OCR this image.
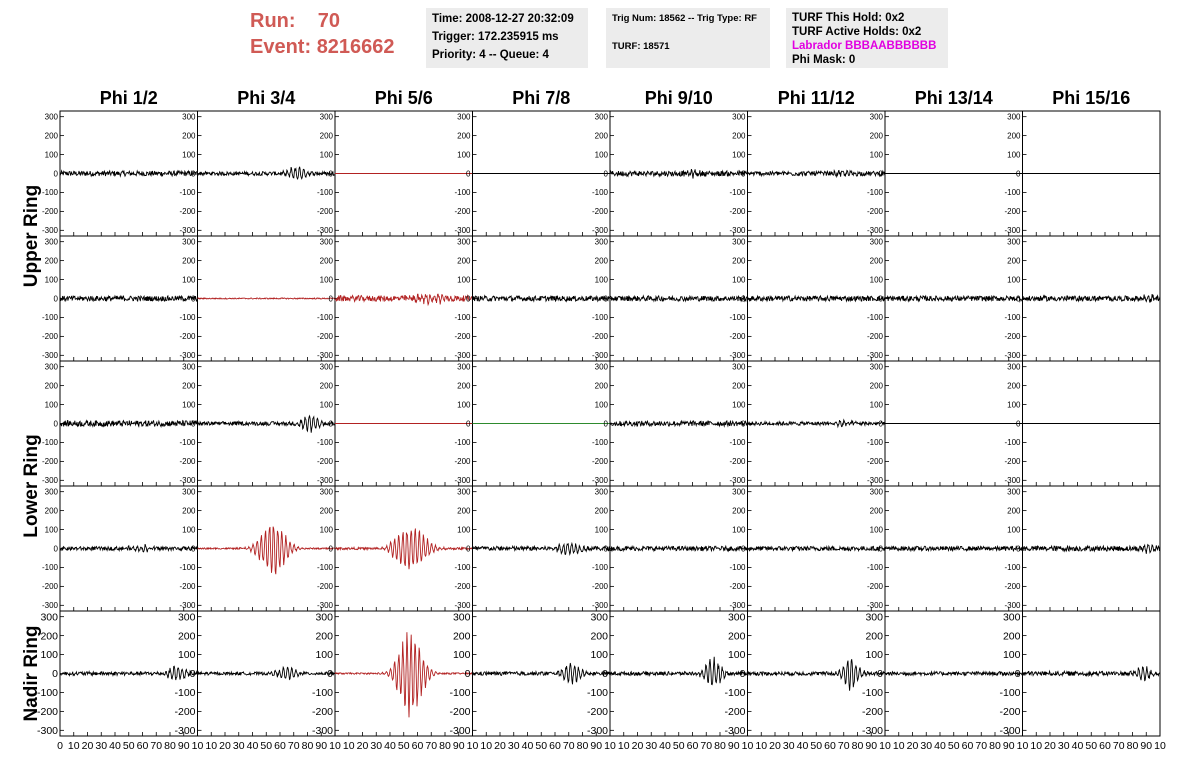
Run: 70
Event: 8216662
Time: 2008-12-27 20:32:09
Trigger: 172.235915 ms
Priority: 4 -- Queue: 4
Trig Num: 18562 -- Trig Type: RF
TURF: 18571
TURF This Hold: 0x2
TURF Active Holds: 0x2
Labrador BBBAABBBBBB
Phi Mask: 0
Phi 1/2	Phi 3/4	Phi 5/6	Phi 7/8	Phi 9/10	Phi 11/12	Phi 13/14	Phi 15/16
Upper Ring
Lower Ring
Nadir Ring
300
200
100
0
-100
-200
-300
300
200
100
0
-100
-200
-300
300
200
100
0
-100
-200
-300
300
200
100
0
-100
-200
-300
300
200
100
0
-100
-200
-300
300
200
100
0
-100
-200
-300
300
200
100
0
-100
-200
-300
300
200
100
0
-100
-200
-300
300
200
100
0
-100
-200
-300
300
200
100
0
-100
-200
-300
300
200
100
0
-100
-200
-300
300
200
100
0
-100
-200
-300
300
200
100
0
-100
-200
-300
300
200
100
0
-100
-200
-300
300
200
100
0
-100
-200
-300
300
200
100
0
-100
-200
-300
300
200
100
0
-100
-200
-300
300
200
100
0
-100
-200
-300
300
200
100
0
-100
-200
-300
300
200
100
0
-100
-200
-300
300
200
100
0
-100
-200
-300
300
200
100
0
-100
-200
-300
300
200
100
0
-100
-200
-300
300
200
100
0
-100
-200
-300
300
200
100
0
-100
-200
-300
300
200
100
0
-100
-200
-300
300
200
100
0
-100
-200
-300
300
200
100
0
-100
-200
-300
300
200
100
0
-100
-200
-300
300
200
100
0
-100
-200
-300
300
200
100
0
-100
-200
-300
300
200
100
0
-100
-200
-300
300
200
100
0
-100
-200
-300
300
200
100
0
-100
-200
-300
300
200
100
0
-100
-200
-300
300
200
100
0
-100
-200
-300
300
200
100
0
-100
-200
-300
300
200
100
0
-100
-200
-300
300
200
100
0
-100
-200
-300
300
200
100
0
-100
-200
-300
0 10 20 30 40 50 60 70 80 90 10 10 20 30 40 50 60 70 80 90 10 10 20 30 40 50 60 70 80 90 10 10 20 30 40 50 60 70 80 90 10 10 20 30 40 50 60 70 80 90 10 10 20 30 40 50 60 70 80 90 10 10 20 30 40 50 60 70 80 90 10 10 20 30 40 50 60 70 80 90 10
